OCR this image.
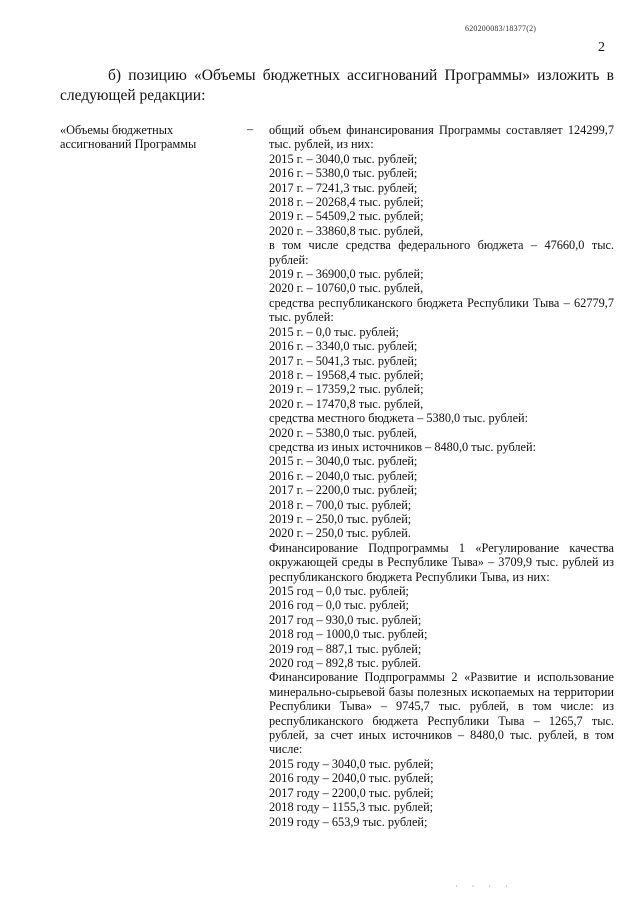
620200083/18377(2)
2

б) позицию «Объемы бюджетных ассигнований Программы» изложить в следующей редакции:

«Объемы бюджетных ассигнований Программы
– общий объем финансирования Программы составляет 124299,7 тыс. рублей, из них:
2015 г. – 3040,0 тыс. рублей;
2016 г. – 5380,0 тыс. рублей;
2017 г. – 7241,3 тыс. рублей;
2018 г. – 20268,4 тыс. рублей;
2019 г. – 54509,2 тыс. рублей;
2020 г. – 33860,8 тыс. рублей,
в том числе средства федерального бюджета – 47660,0 тыс. рублей:
2019 г. – 36900,0 тыс. рублей;
2020 г. – 10760,0 тыс. рублей,
средства республиканского бюджета Республики Тыва – 62779,7 тыс. рублей:
2015 г. – 0,0 тыс. рублей;
2016 г. – 3340,0 тыс. рублей;
2017 г. – 5041,3 тыс. рублей;
2018 г. – 19568,4 тыс. рублей;
2019 г. – 17359,2 тыс. рублей;
2020 г. – 17470,8 тыс. рублей,
средства местного бюджета – 5380,0 тыс. рублей:
2020 г. – 5380,0 тыс. рублей,
средства из иных источников – 8480,0 тыс. рублей:
2015 г. – 3040,0 тыс. рублей;
2016 г. – 2040,0 тыс. рублей;
2017 г. – 2200,0 тыс. рублей;
2018 г. – 700,0 тыс. рублей;
2019 г. – 250,0 тыс. рублей;
2020 г. – 250,0 тыс. рублей.
Финансирование Подпрограммы 1 «Регулирование качества окружающей среды в Республике Тыва» – 3709,9 тыс. рублей из республиканского бюджета Республики Тыва, из них:
2015 год – 0,0 тыс. рублей;
2016 год – 0,0 тыс. рублей;
2017 год – 930,0 тыс. рублей;
2018 год – 1000,0 тыс. рублей;
2019 год – 887,1 тыс. рублей;
2020 год – 892,8 тыс. рублей.
Финансирование Подпрограммы 2 «Развитие и использование минерально-сырьевой базы полезных ископаемых на территории Республики Тыва» – 9745,7 тыс. рублей, в том числе: из республиканского бюджета Республики Тыва – 1265,7 тыс. рублей, за счет иных источников – 8480,0 тыс. рублей, в том числе:
2015 году – 3040,0 тыс. рублей;
2016 году – 2040,0 тыс. рублей;
2017 году – 2200,0 тыс. рублей;
2018 году – 1155,3 тыс. рублей;
2019 году – 653,9 тыс. рублей;
· · · ·
